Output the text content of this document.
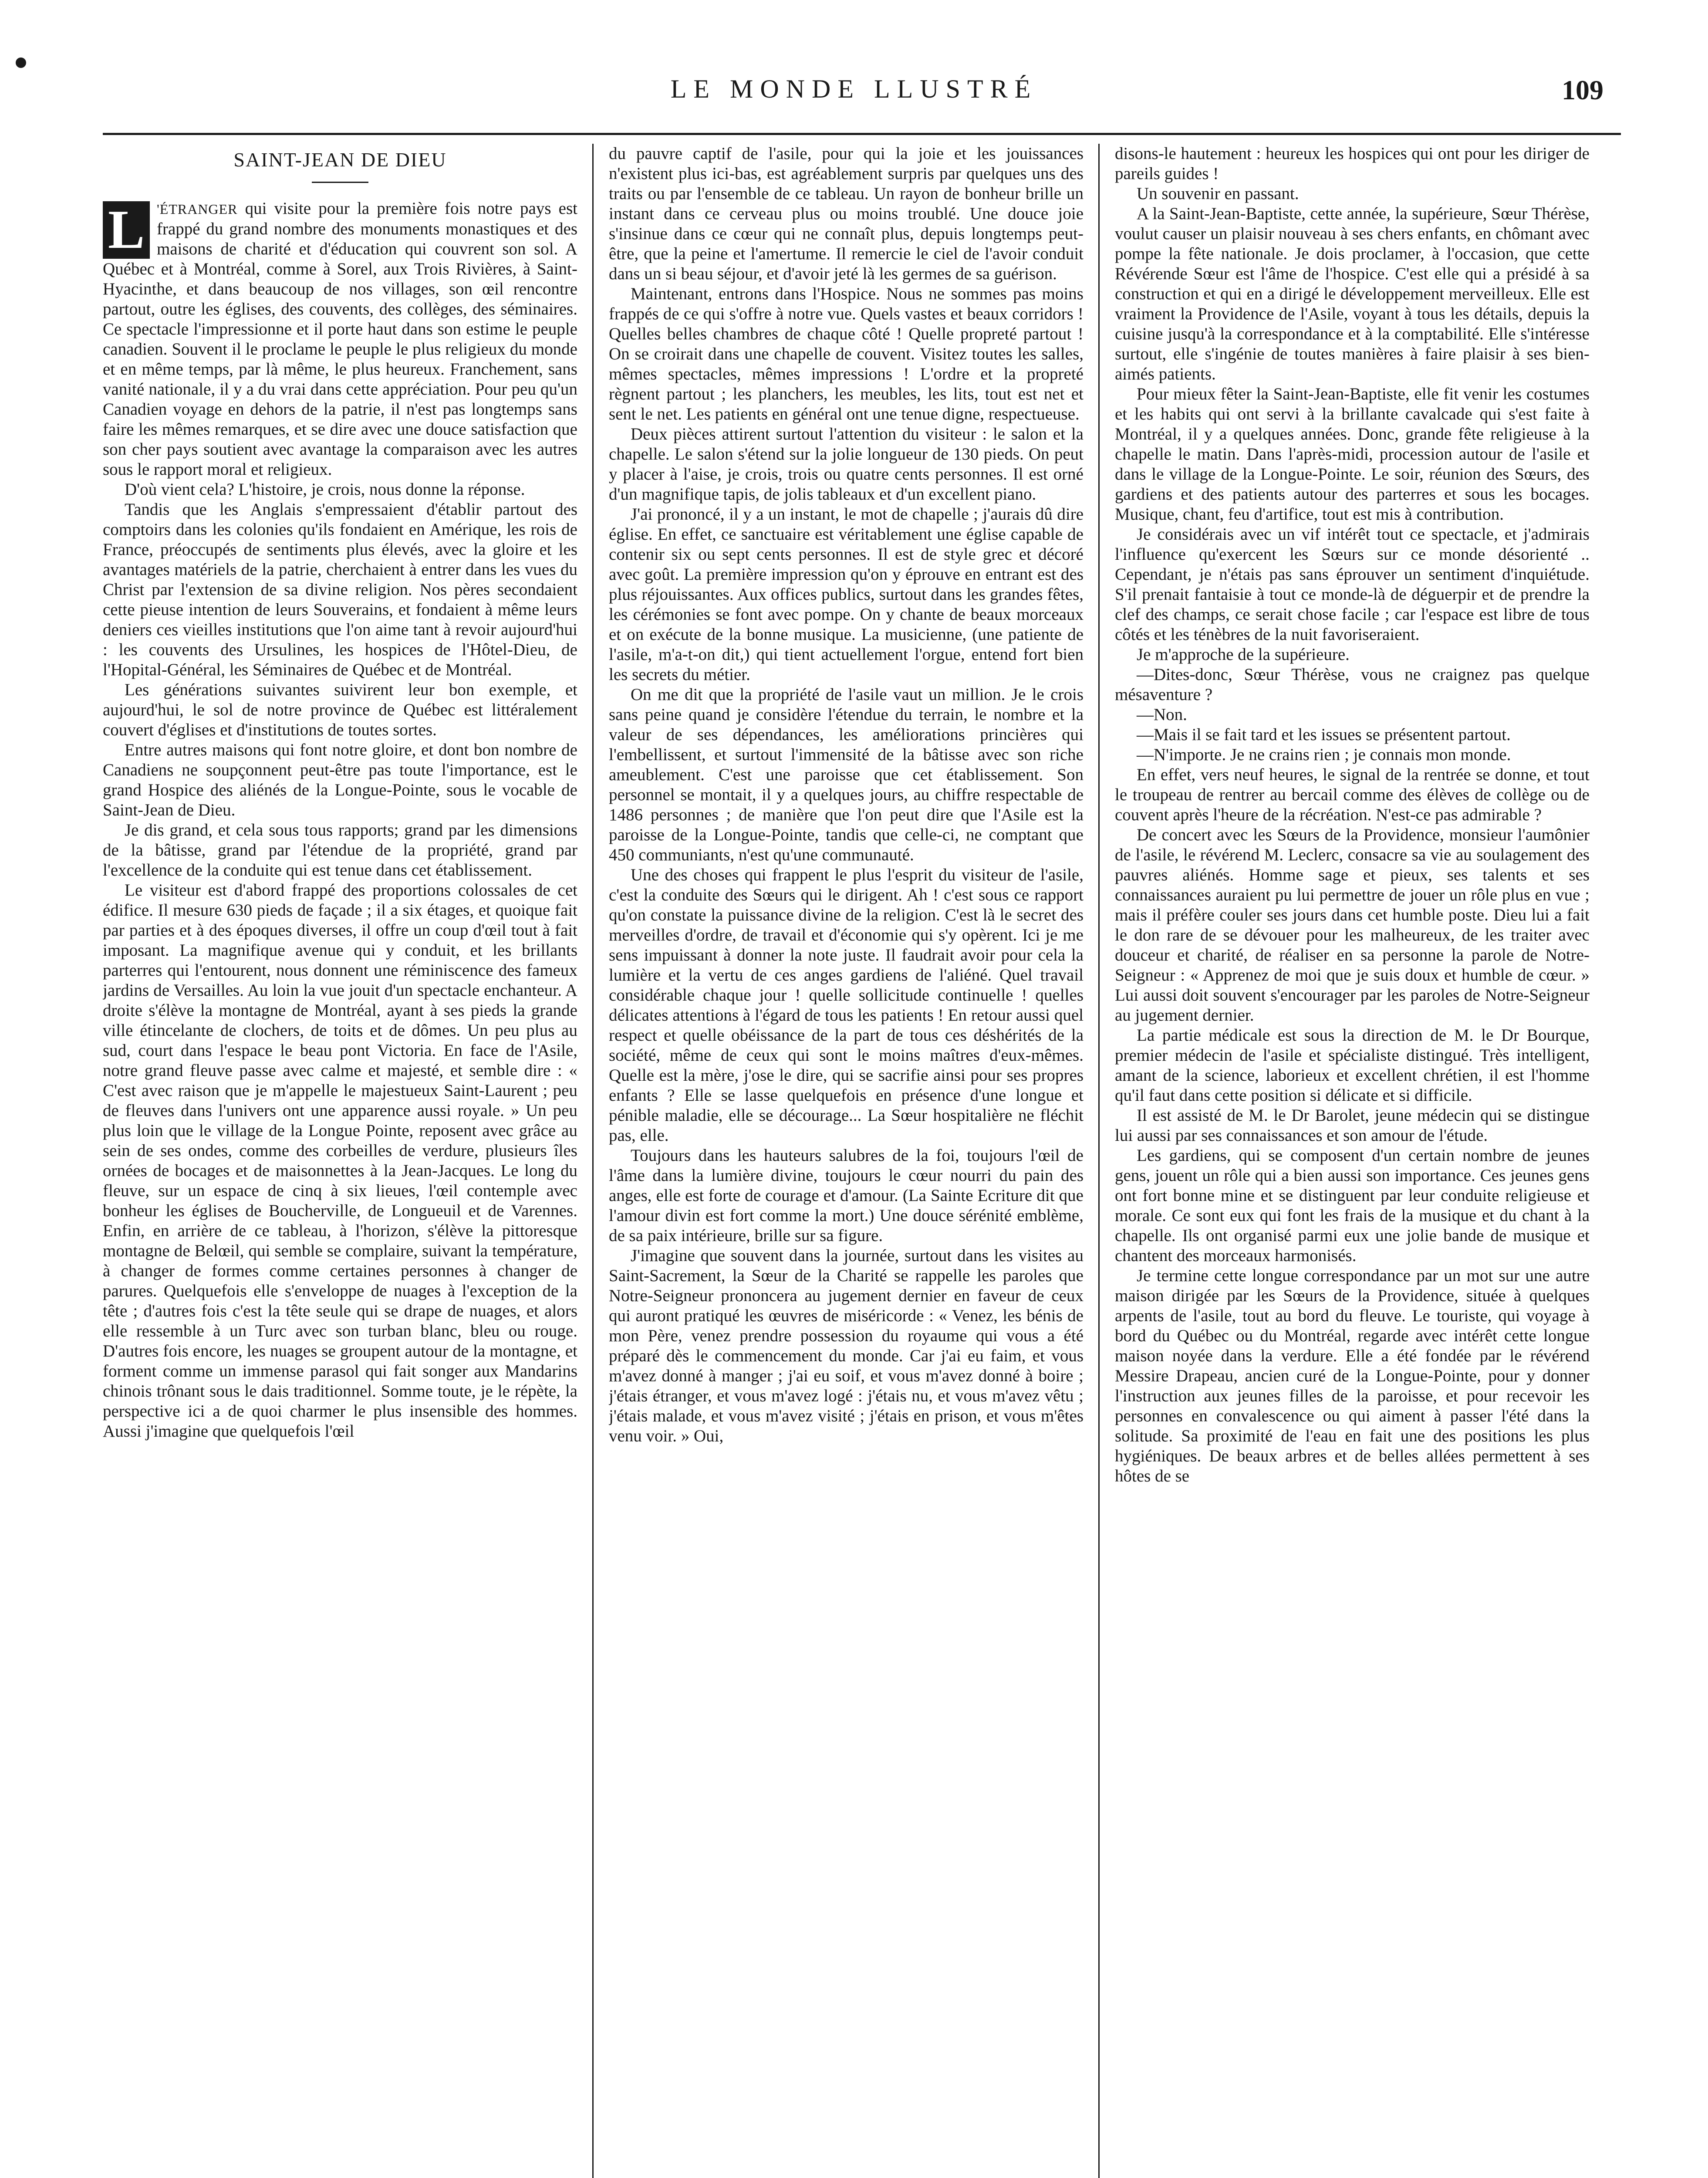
LE MONDE LLUSTRÉ	109
SAINT-JEAN DE DIEU

L 'ÉTRANGER qui visite pour la première fois notre pays est frappé du grand nombre des monuments monastiques et des maisons de charité et d'éducation qui couvrent son sol. A Québec et à Montréal, comme à Sorel, aux Trois Rivières, à Saint-Hyacinthe, et dans beaucoup de nos villages, son œil rencontre partout, outre les églises, des couvents, des collèges, des séminaires. Ce spectacle l'impressionne et il porte haut dans son estime le peuple canadien. Souvent il le proclame le peuple le plus religieux du monde et en même temps, par là même, le plus heureux. Franchement, sans vanité nationale, il y a du vrai dans cette appréciation. Pour peu qu'un Canadien voyage en dehors de la patrie, il n'est pas longtemps sans faire les mêmes remarques, et se dire avec une douce satisfaction que son cher pays soutient avec avantage la comparaison avec les autres sous le rapport moral et religieux.

D'où vient cela? L'histoire, je crois, nous donne la réponse.

Tandis que les Anglais s'empressaient d'établir partout des comptoirs dans les colonies qu'ils fondaient en Amérique, les rois de France, préoccupés de sentiments plus élevés, avec la gloire et les avantages matériels de la patrie, cherchaient à entrer dans les vues du Christ par l'extension de sa divine religion. Nos pères secondaient cette pieuse intention de leurs Souverains, et fondaient à même leurs deniers ces vieilles institutions que l'on aime tant à revoir aujourd'hui : les couvents des Ursulines, les hospices de l'Hôtel-Dieu, de l'Hopital-Général, les Séminaires de Québec et de Montréal.

Les générations suivantes suivirent leur bon exemple, et aujourd'hui, le sol de notre province de Québec est littéralement couvert d'églises et d'institutions de toutes sortes.

Entre autres maisons qui font notre gloire, et dont bon nombre de Canadiens ne soupçonnent peut-être pas toute l'importance, est le grand Hospice des aliénés de la Longue-Pointe, sous le vocable de Saint-Jean de Dieu.

Je dis grand, et cela sous tous rapports; grand par les dimensions de la bâtisse, grand par l'étendue de la propriété, grand par l'excellence de la conduite qui est tenue dans cet établissement.

Le visiteur est d'abord frappé des proportions colossales de cet édifice. Il mesure 630 pieds de façade ; il a six étages, et quoique fait par parties et à des époques diverses, il offre un coup d'œil tout à fait imposant. La magnifique avenue qui y conduit, et les brillants parterres qui l'entourent, nous donnent une réminiscence des fameux jardins de Versailles. Au loin la vue jouit d'un spectacle enchanteur. A droite s'élève la montagne de Montréal, ayant à ses pieds la grande ville étincelante de clochers, de toits et de dômes. Un peu plus au sud, court dans l'espace le beau pont Victoria. En face de l'Asile, notre grand fleuve passe avec calme et majesté, et semble dire : « C'est avec raison que je m'appelle le majestueux Saint-Laurent ; peu de fleuves dans l'univers ont une apparence aussi royale. » Un peu plus loin que le village de la Longue Pointe, reposent avec grâce au sein de ses ondes, comme des corbeilles de verdure, plusieurs îles ornées de bocages et de maisonnettes à la Jean-Jacques. Le long du fleuve, sur un espace de cinq à six lieues, l'œil contemple avec bonheur les églises de Boucherville, de Longueuil et de Varennes. Enfin, en arrière de ce tableau, à l'horizon, s'élève la pittoresque montagne de Belœil, qui semble se complaire, suivant la température, à changer de formes comme certaines personnes à changer de parures. Quelquefois elle s'enveloppe de nuages à l'exception de la tête ; d'autres fois c'est la tête seule qui se drape de nuages, et alors elle ressemble à un Turc avec son turban blanc, bleu ou rouge. D'autres fois encore, les nuages se groupent autour de la montagne, et forment comme un immense parasol qui fait songer aux Mandarins chinois trônant sous le dais traditionnel. Somme toute, je le répète, la perspective ici a de quoi charmer le plus insensible des hommes. Aussi j'imagine que quelquefois l'œil

du pauvre captif de l'asile, pour qui la joie et les jouissances n'existent plus ici-bas, est agréablement surpris par quelques uns des traits ou par l'ensemble de ce tableau. Un rayon de bonheur brille un instant dans ce cerveau plus ou moins troublé. Une douce joie s'insinue dans ce cœur qui ne connaît plus, depuis longtemps peut-être, que la peine et l'amertume. Il remercie le ciel de l'avoir conduit dans un si beau séjour, et d'avoir jeté là les germes de sa guérison.

Maintenant, entrons dans l'Hospice. Nous ne sommes pas moins frappés de ce qui s'offre à notre vue. Quels vastes et beaux corridors ! Quelles belles chambres de chaque côté ! Quelle propreté partout ! On se croirait dans une chapelle de couvent. Visitez toutes les salles, mêmes spectacles, mêmes impressions ! L'ordre et la propreté règnent partout ; les planchers, les meubles, les lits, tout est net et sent le net. Les patients en général ont une tenue digne, respectueuse.

Deux pièces attirent surtout l'attention du visiteur : le salon et la chapelle. Le salon s'étend sur la jolie longueur de 130 pieds. On peut y placer à l'aise, je crois, trois ou quatre cents personnes. Il est orné d'un magnifique tapis, de jolis tableaux et d'un excellent piano.

J'ai prononcé, il y a un instant, le mot de chapelle ; j'aurais dû dire église. En effet, ce sanctuaire est véritablement une église capable de contenir six ou sept cents personnes. Il est de style grec et décoré avec goût. La première impression qu'on y éprouve en entrant est des plus réjouissantes. Aux offices publics, surtout dans les grandes fêtes, les cérémonies se font avec pompe. On y chante de beaux morceaux et on exécute de la bonne musique. La musicienne, (une patiente de l'asile, m'a-t-on dit,) qui tient actuellement l'orgue, entend fort bien les secrets du métier.

On me dit que la propriété de l'asile vaut un million. Je le crois sans peine quand je considère l'étendue du terrain, le nombre et la valeur de ses dépendances, les améliorations princières qui l'embellissent, et surtout l'immensité de la bâtisse avec son riche ameublement. C'est une paroisse que cet établissement. Son personnel se montait, il y a quelques jours, au chiffre respectable de 1486 personnes ; de manière que l'on peut dire que l'Asile est la paroisse de la Longue-Pointe, tandis que celle-ci, ne comptant que 450 communiants, n'est qu'une communauté.

Une des choses qui frappent le plus l'esprit du visiteur de l'asile, c'est la conduite des Sœurs qui le dirigent. Ah ! c'est sous ce rapport qu'on constate la puissance divine de la religion. C'est là le secret des merveilles d'ordre, de travail et d'économie qui s'y opèrent. Ici je me sens impuissant à donner la note juste. Il faudrait avoir pour cela la lumière et la vertu de ces anges gardiens de l'aliéné. Quel travail considérable chaque jour ! quelle sollicitude continuelle ! quelles délicates attentions à l'égard de tous les patients ! En retour aussi quel respect et quelle obéissance de la part de tous ces déshérités de la société, même de ceux qui sont le moins maîtres d'eux-mêmes. Quelle est la mère, j'ose le dire, qui se sacrifie ainsi pour ses propres enfants ? Elle se lasse quelquefois en présence d'une longue et pénible maladie, elle se décourage... La Sœur hospitalière ne fléchit pas, elle.

Toujours dans les hauteurs salubres de la foi, toujours l'œil de l'âme dans la lumière divine, toujours le cœur nourri du pain des anges, elle est forte de courage et d'amour. (La Sainte Ecriture dit que l'amour divin est fort comme la mort.) Une douce sérénité emblème, de sa paix intérieure, brille sur sa figure.

J'imagine que souvent dans la journée, surtout dans les visites au Saint-Sacrement, la Sœur de la Charité se rappelle les paroles que Notre-Seigneur prononcera au jugement dernier en faveur de ceux qui auront pratiqué les œuvres de miséricorde : « Venez, les bénis de mon Père, venez prendre possession du royaume qui vous a été préparé dès le commencement du monde. Car j'ai eu faim, et vous m'avez donné à manger ; j'ai eu soif, et vous m'avez donné à boire ; j'étais étranger, et vous m'avez logé : j'étais nu, et vous m'avez vêtu ; j'étais malade, et vous m'avez visité ; j'étais en prison, et vous m'êtes venu voir. » Oui,

disons-le hautement : heureux les hospices qui ont pour les diriger de pareils guides !

Un souvenir en passant.

A la Saint-Jean-Baptiste, cette année, la supérieure, Sœur Thérèse, voulut causer un plaisir nouveau à ses chers enfants, en chômant avec pompe la fête nationale. Je dois proclamer, à l'occasion, que cette Révérende Sœur est l'âme de l'hospice. C'est elle qui a présidé à sa construction et qui en a dirigé le développement merveilleux. Elle est vraiment la Providence de l'Asile, voyant à tous les détails, depuis la cuisine jusqu'à la correspondance et à la comptabilité. Elle s'intéresse surtout, elle s'ingénie de toutes manières à faire plaisir à ses bien-aimés patients.

Pour mieux fêter la Saint-Jean-Baptiste, elle fit venir les costumes et les habits qui ont servi à la brillante cavalcade qui s'est faite à Montréal, il y a quelques années. Donc, grande fête religieuse à la chapelle le matin. Dans l'après-midi, procession autour de l'asile et dans le village de la Longue-Pointe. Le soir, réunion des Sœurs, des gardiens et des patients autour des parterres et sous les bocages. Musique, chant, feu d'artifice, tout est mis à contribution.

Je considérais avec un vif intérêt tout ce spectacle, et j'admirais l'influence qu'exercent les Sœurs sur ce monde désorienté .. Cependant, je n'étais pas sans éprouver un sentiment d'inquiétude. S'il prenait fantaisie à tout ce monde-là de déguerpir et de prendre la clef des champs, ce serait chose facile ; car l'espace est libre de tous côtés et les ténèbres de la nuit favoriseraient.

Je m'approche de la supérieure.

—Dites-donc, Sœur Thérèse, vous ne craignez pas quelque mésaventure ?

—Non.

—Mais il se fait tard et les issues se présentent partout.

—N'importe. Je ne crains rien ; je connais mon monde.

En effet, vers neuf heures, le signal de la rentrée se donne, et tout le troupeau de rentrer au bercail comme des élèves de collège ou de couvent après l'heure de la récréation. N'est-ce pas admirable ?

De concert avec les Sœurs de la Providence, monsieur l'aumônier de l'asile, le révérend M. Leclerc, consacre sa vie au soulagement des pauvres aliénés. Homme sage et pieux, ses talents et ses connaissances auraient pu lui permettre de jouer un rôle plus en vue ; mais il préfère couler ses jours dans cet humble poste. Dieu lui a fait le don rare de se dévouer pour les malheureux, de les traiter avec douceur et charité, de réaliser en sa personne la parole de Notre-Seigneur : « Apprenez de moi que je suis doux et humble de cœur. » Lui aussi doit souvent s'encourager par les paroles de Notre-Seigneur au jugement dernier.

La partie médicale est sous la direction de M. le Dr Bourque, premier médecin de l'asile et spécialiste distingué. Très intelligent, amant de la science, laborieux et excellent chrétien, il est l'homme qu'il faut dans cette position si délicate et si difficile.

Il est assisté de M. le Dr Barolet, jeune médecin qui se distingue lui aussi par ses connaissances et son amour de l'étude.

Les gardiens, qui se composent d'un certain nombre de jeunes gens, jouent un rôle qui a bien aussi son importance. Ces jeunes gens ont fort bonne mine et se distinguent par leur conduite religieuse et morale. Ce sont eux qui font les frais de la musique et du chant à la chapelle. Ils ont organisé parmi eux une jolie bande de musique et chantent des morceaux harmonisés.

Je termine cette longue correspondance par un mot sur une autre maison dirigée par les Sœurs de la Providence, située à quelques arpents de l'asile, tout au bord du fleuve. Le touriste, qui voyage à bord du Québec ou du Montréal, regarde avec intérêt cette longue maison noyée dans la verdure. Elle a été fondée par le révérend Messire Drapeau, ancien curé de la Longue-Pointe, pour y donner l'instruction aux jeunes filles de la paroisse, et pour recevoir les personnes en convalescence ou qui aiment à passer l'été dans la solitude. Sa proximité de l'eau en fait une des positions les plus hygiéniques. De beaux arbres et de belles allées permettent à ses hôtes de se
